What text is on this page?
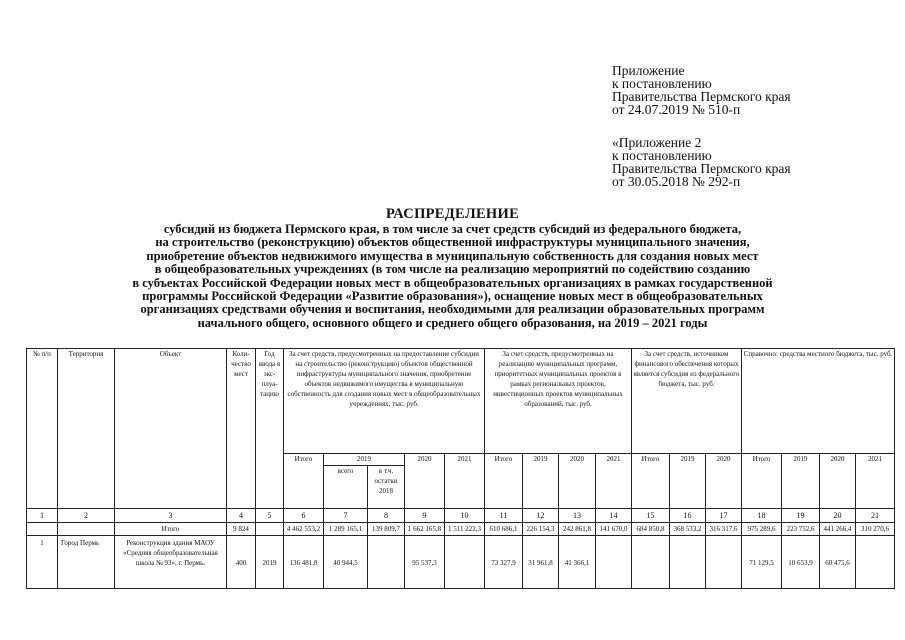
Приложение
к постановлению
Правительства Пермского края
от 24.07.2019 № 510-п
«Приложение 2
к постановлению
Правительства Пермского края
от 30.05.2018 № 292-п
РАСПРЕДЕЛЕНИЕ
субсидий из бюджета Пермского края, в том числе за счет средств субсидий из федерального бюджета,
на строительство (реконструкцию) объектов общественной инфраструктуры муниципального значения,
приобретение объектов недвижимого имущества в муниципальную собственность для создания новых мест
в общеобразовательных учреждениях (в том числе на реализацию мероприятий по содействию созданию
в субъектах Российской Федерации новых мест в общеобразовательных организациях в рамках государственной
программы Российской Федерации «Развитие образования»), оснащение новых мест в общеобразовательных
организациях средствами обучения и воспитания, необходимыми для реализации образовательных программ
начального общего, основного общего и среднего общего образования, на 2019 – 2021 годы
№ п/п	Территория	Объект	Коли- чество мест	Год ввода в экс- плуа- тацию	За счет средств, предусмотренных на предоставление субсидии на строительство (реконструкцию) объектов общественной инфраструктуры муниципального значения, приобретение объектов недвижимого имущества в муниципальную собственность для создания новых мест в общеобразовательных учреждениях, тыс. руб.					За счет средств, предусмотренных на реализацию муниципальных программ, приоритетных муниципальных проектов в рамках региональных проектов, инвестиционных проектов муниципальных образований, тыс. руб.				За счет средств, источником финансового обеспечения которых является субсидия из федерального бюджета, тыс. руб.			Справочно: средства местного бюджета, тыс. руб.			
					Итого	2019		2020	2021	Итого	2019	2020	2021	Итого	2019	2020	Итого	2019	2020	2021
						всего	в т.ч. остатки 2018													
1	2	3	4	5	6	7	8	9	10	11	12	13	14	15	16	17	18	19	20	21
		Итого	9 824		4 462 553,2	1 289 165,1	139 809,7	1 662 165,8	1 511 222,3	610 686,1	226 154,3	242 861,8	141 670,0	684 850,8	368 533,2	316 317,6	975 289,6	223 752,6	441 266,4	310 270,6
1	Город Пермь	Реконструкция здания МАОУ «Средняя общеобразовательная школа № 93», г. Пермь,	400	2019	136 481,8	40 944,5		95 537,3		73 327,9	31 961,8	41 366,1					71 129,5	10 653,9	60 475,6	
